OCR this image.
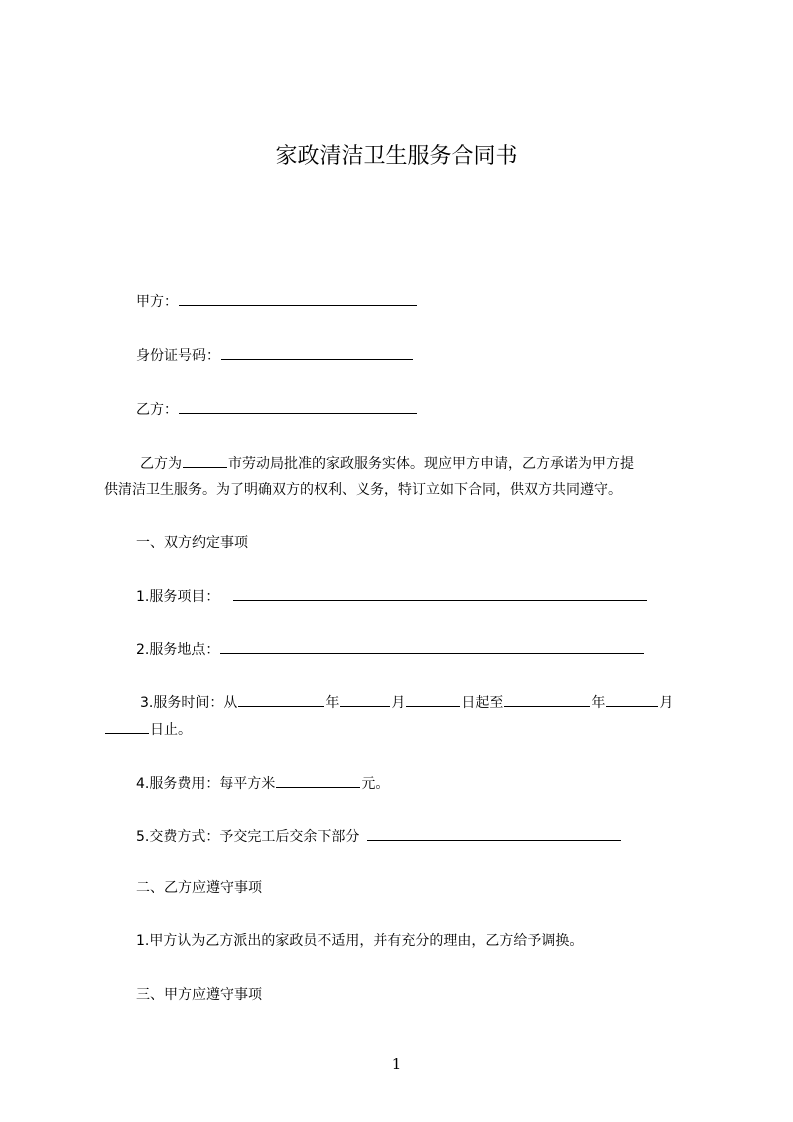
家政清洁卫生服务合同书
甲方：
身份证号码：
乙方：
乙方为	市劳动局批准的家政服务实体。现应甲方申请，乙方承诺为甲方提
供清洁卫生服务。为了明确双方的权利、义务，特订立如下合同，供双方共同遵守。
一、双方约定事项
1.服务项目：
2.服务地点：
3.服务时间：从	年	月	日起至	年	月
日止。
4.服务费用：每平方米	元。
5.交费方式：予交完工后交余下部分
二、乙方应遵守事项
1.甲方认为乙方派出的家政员不适用，并有充分的理由，乙方给予调换。
三、甲方应遵守事项
1
